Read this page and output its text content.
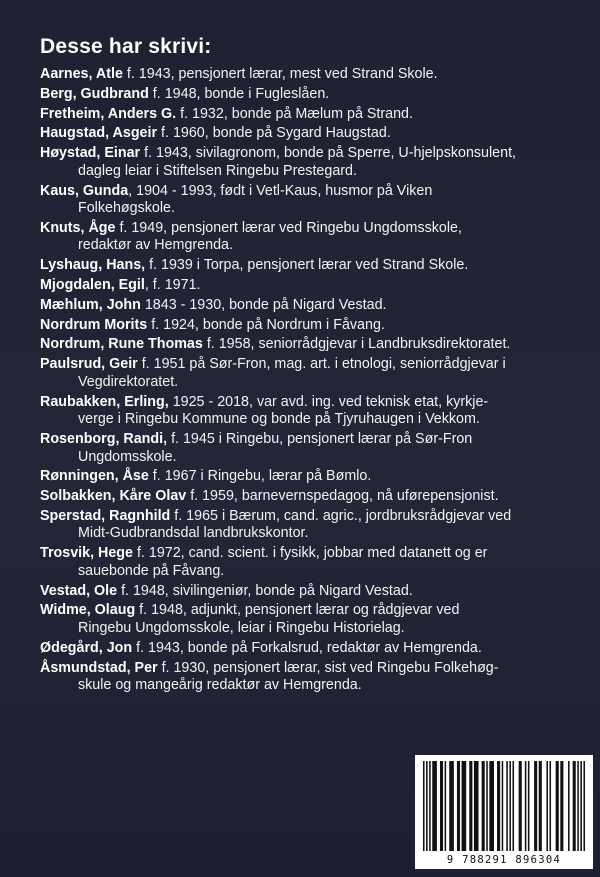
Desse har skrivi:
Aarnes, Atle f. 1943, pensjonert lærar, mest ved Strand Skole.
Berg, Gudbrand f. 1948, bonde i Fugleslåen.
Fretheim, Anders G. f. 1932, bonde på Mælum på Strand.
Haugstad, Asgeir f. 1960, bonde på Sygard Haugstad.
Høystad, Einar f. 1943, sivilagronom, bonde på Sperre, U-hjelpskonsulent,
dagleg leiar i Stiftelsen Ringebu Prestegard.
Kaus, Gunda, 1904 - 1993, født i Vetl-Kaus, husmor på Viken
Folkehøgskole.
Knuts, Åge f. 1949, pensjonert lærar ved Ringebu Ungdomsskole,
redaktør av Hemgrenda.
Lyshaug, Hans, f. 1939 i Torpa, pensjonert lærar ved Strand Skole.
Mjogdalen, Egil, f. 1971.
Mæhlum, John 1843 - 1930, bonde på Nigard Vestad.
Nordrum Morits f. 1924, bonde på Nordrum i Fåvang.
Nordrum, Rune Thomas f. 1958, seniorrådgjevar i Landbruksdirektoratet.
Paulsrud, Geir f. 1951 på Sør-Fron, mag. art. i etnologi, seniorrådgjevar i
Vegdirektoratet.
Raubakken, Erling, 1925 - 2018, var avd. ing. ved teknisk etat, kyrkje-
verge i Ringebu Kommune og bonde på Tjyruhaugen i Vekkom.
Rosenborg, Randi, f. 1945 i Ringebu, pensjonert lærar på Sør-Fron
Ungdomsskole.
Rønningen, Åse f. 1967 i Ringebu, lærar på Bømlo.
Solbakken, Kåre Olav f. 1959, barnevernspedagog, nå uførepensjonist.
Sperstad, Ragnhild f. 1965 i Bærum, cand. agric., jordbruksrådgjevar ved
Midt-Gudbrandsdal landbrukskontor.
Trosvik, Hege f. 1972, cand. scient. i fysikk, jobbar med datanett og er
sauebonde på Fåvang.
Vestad, Ole f. 1948, sivilingeniør, bonde på Nigard Vestad.
Widme, Olaug f. 1948, adjunkt, pensjonert lærar og rådgjevar ved
Ringebu Ungdomsskole, leiar i Ringebu Historielag.
Ødegård, Jon f. 1943, bonde på Forkalsrud, redaktør av Hemgrenda.
Åsmundstad, Per f. 1930, pensjonert lærar, sist ved Ringebu Folkehøg-
skule og mangeårig redaktør av Hemgrenda.
9 788291 896304
